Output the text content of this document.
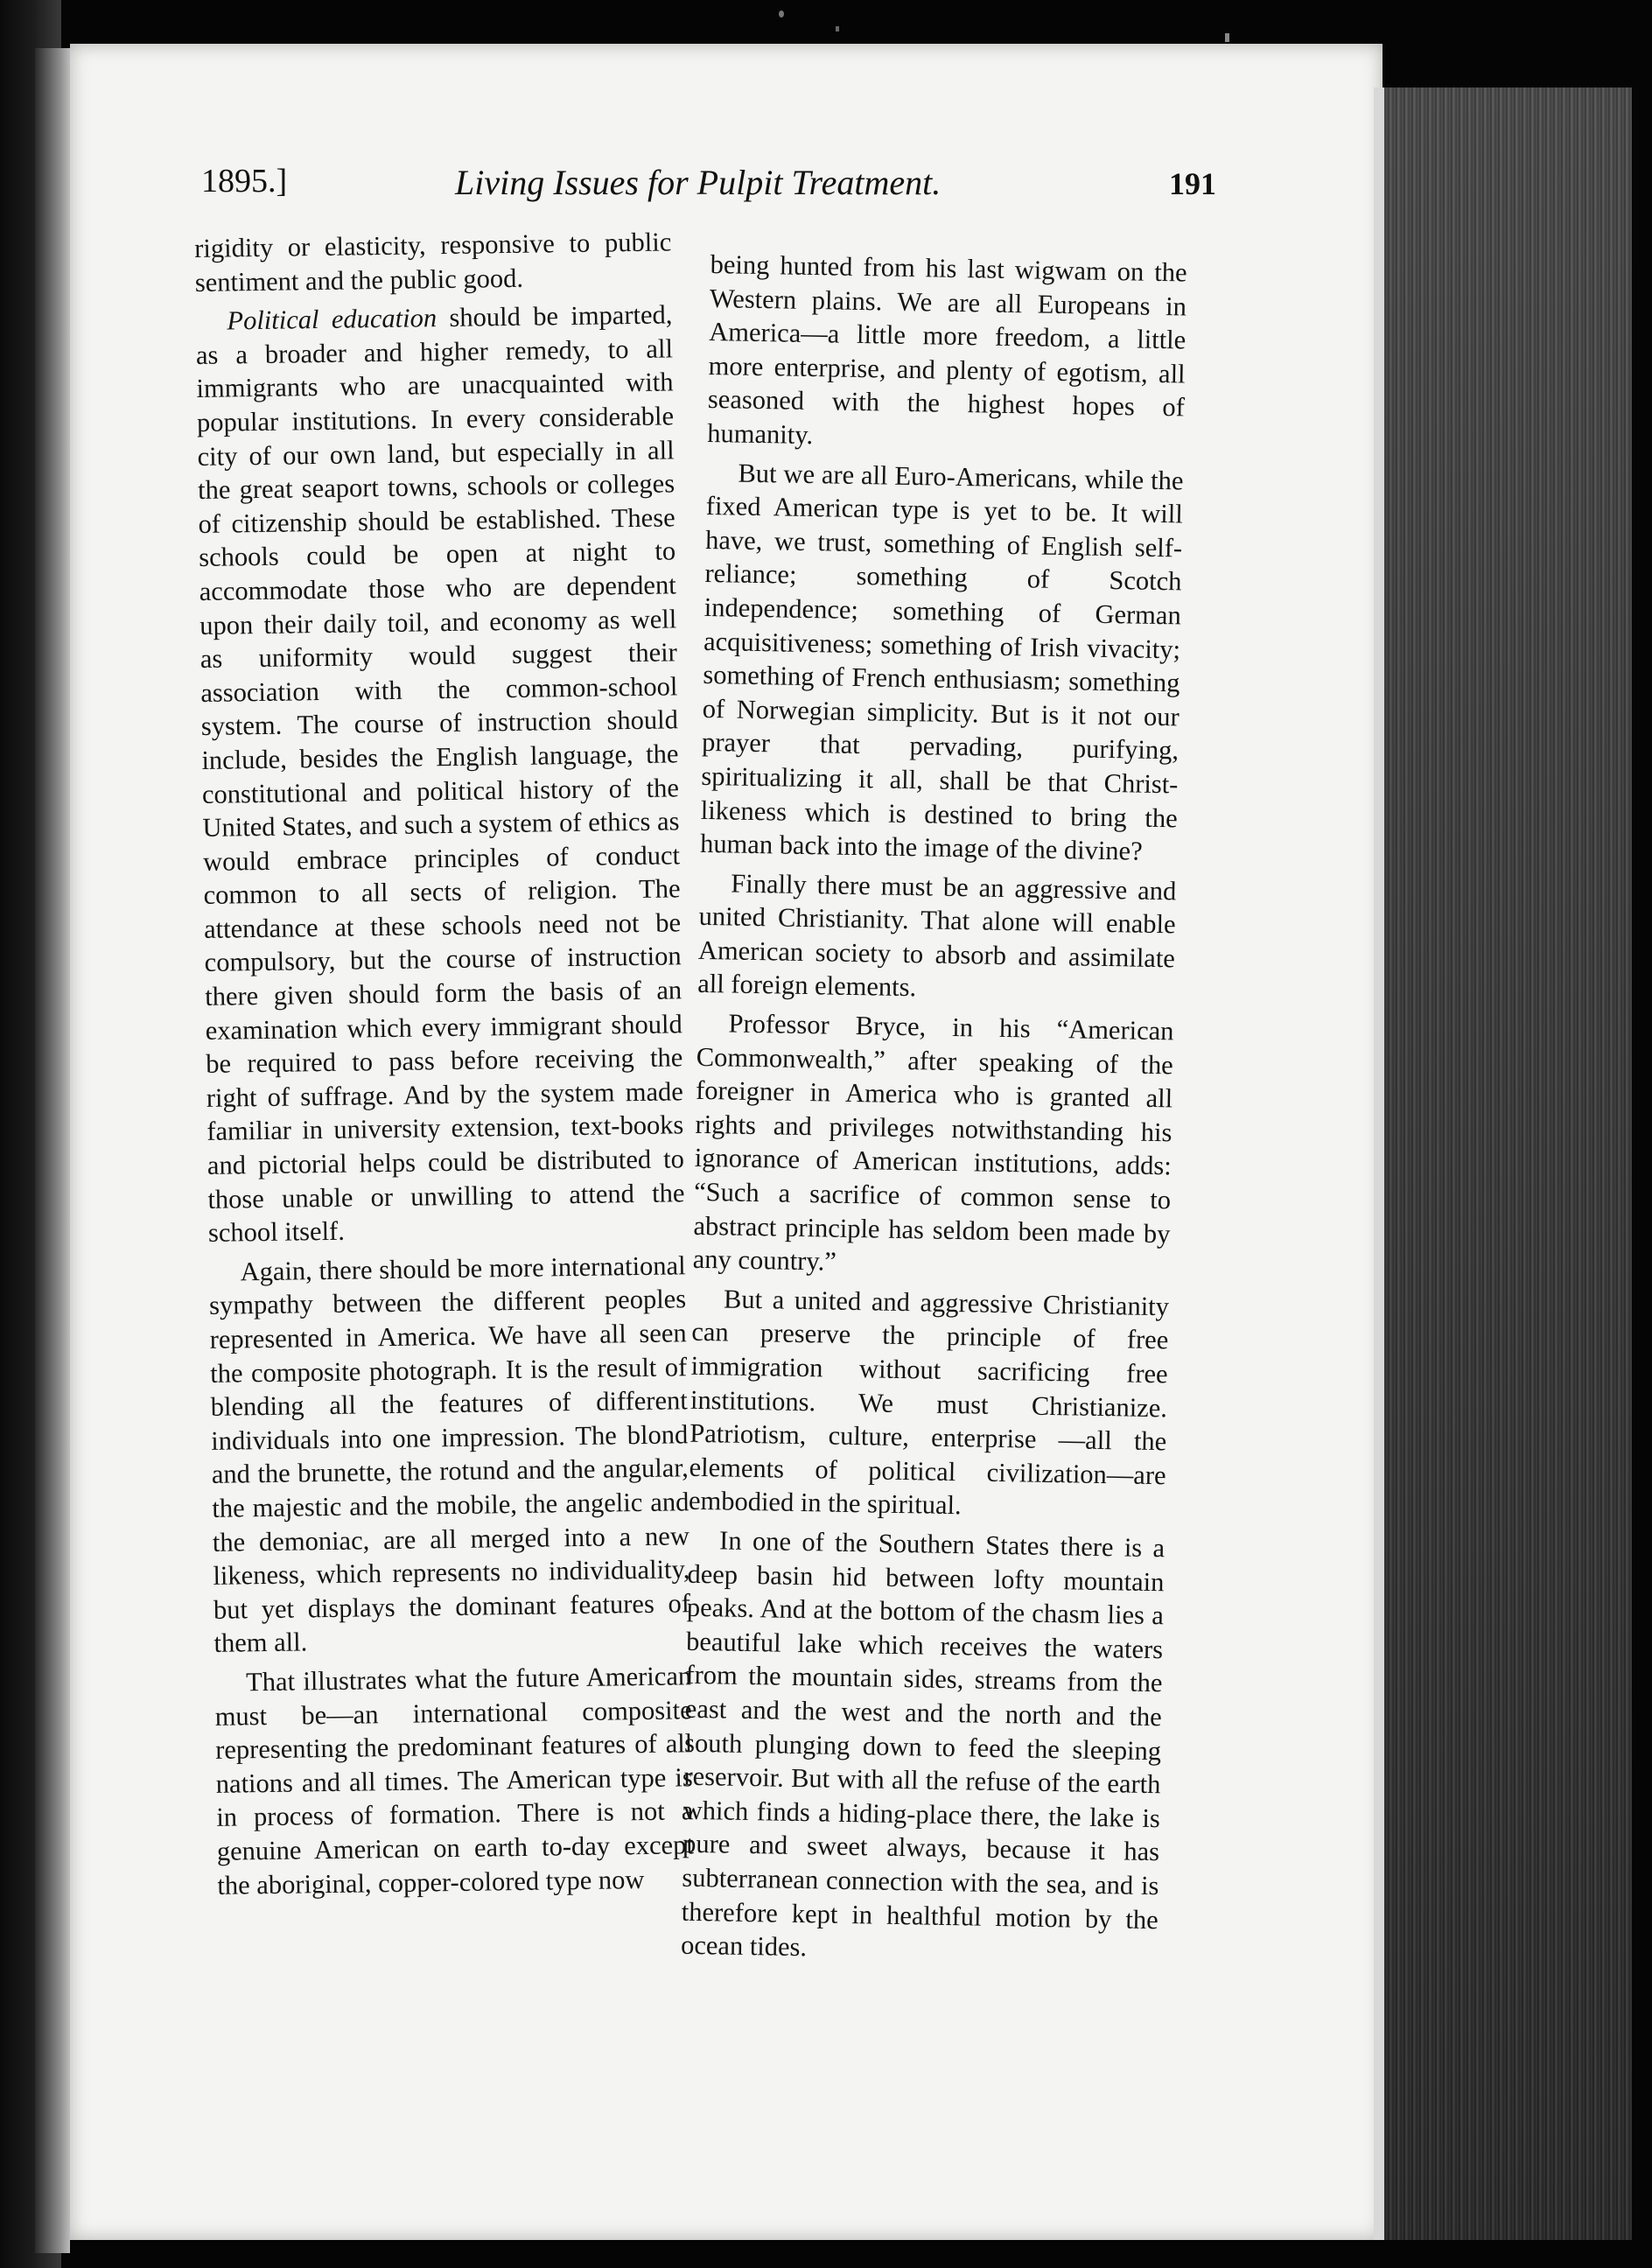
1895.]	Living Issues for Pulpit Treatment.	191

rigidity or elasticity, responsive to public sentiment and the public good.

Political education should be imparted, as a broader and higher remedy, to all immigrants who are unacquainted with popular institutions. In every considerable city of our own land, but especially in all the great seaport towns, schools or colleges of citizenship should be established. These schools could be open at night to accommodate those who are dependent upon their daily toil, and economy as well as uniformity would suggest their association with the common-school system. The course of instruction should include, besides the English language, the constitutional and political history of the United States, and such a system of ethics as would embrace principles of conduct common to all sects of religion. The attendance at these schools need not be compulsory, but the course of instruction there given should form the basis of an examination which every immigrant should be required to pass before receiving the right of suffrage. And by the system made familiar in university extension, text-books and pictorial helps could be distributed to those unable or unwilling to attend the school itself.

Again, there should be more international sympathy between the different peoples represented in America. We have all seen the composite photograph. It is the result of blending all the features of different individuals into one impression. The blond and the brunette, the rotund and the angular, the majestic and the mobile, the angelic and the demoniac, are all merged into a new likeness, which represents no individuality, but yet displays the dominant features of them all.

That illustrates what the future American must be—an international composite representing the predominant features of all nations and all times. The American type is in process of formation. There is not a genuine American on earth to-day except the aboriginal, copper-colored type now

being hunted from his last wigwam on the Western plains. We are all Europeans in America—a little more freedom, a little more enterprise, and plenty of egotism, all seasoned with the highest hopes of humanity.

But we are all Euro-Americans, while the fixed American type is yet to be. It will have, we trust, something of English self-reliance; something of Scotch independence; something of German acquisitiveness; something of Irish vivacity; something of French enthusiasm; something of Norwegian simplicity. But is it not our prayer that pervading, purifying, spiritualizing it all, shall be that Christ-likeness which is destined to bring the human back into the image of the divine?

Finally there must be an aggressive and united Christianity. That alone will enable American society to absorb and assimilate all foreign elements.

Professor Bryce, in his “American Commonwealth,” after speaking of the foreigner in America who is granted all rights and privileges notwithstanding his ignorance of American institutions, adds: “Such a sacrifice of common sense to abstract principle has seldom been made by any country.”

But a united and aggressive Christianity can preserve the principle of free immigration without sacrificing free institutions. We must Christianize. Patriotism, culture, enterprise —all the elements of political civilization—are embodied in the spiritual.

In one of the Southern States there is a deep basin hid between lofty mountain peaks. And at the bottom of the chasm lies a beautiful lake which receives the waters from the mountain sides, streams from the east and the west and the north and the south plunging down to feed the sleeping reservoir. But with all the refuse of the earth which finds a hiding-place there, the lake is pure and sweet always, because it has subterranean connection with the sea, and is therefore kept in healthful motion by the ocean tides.
